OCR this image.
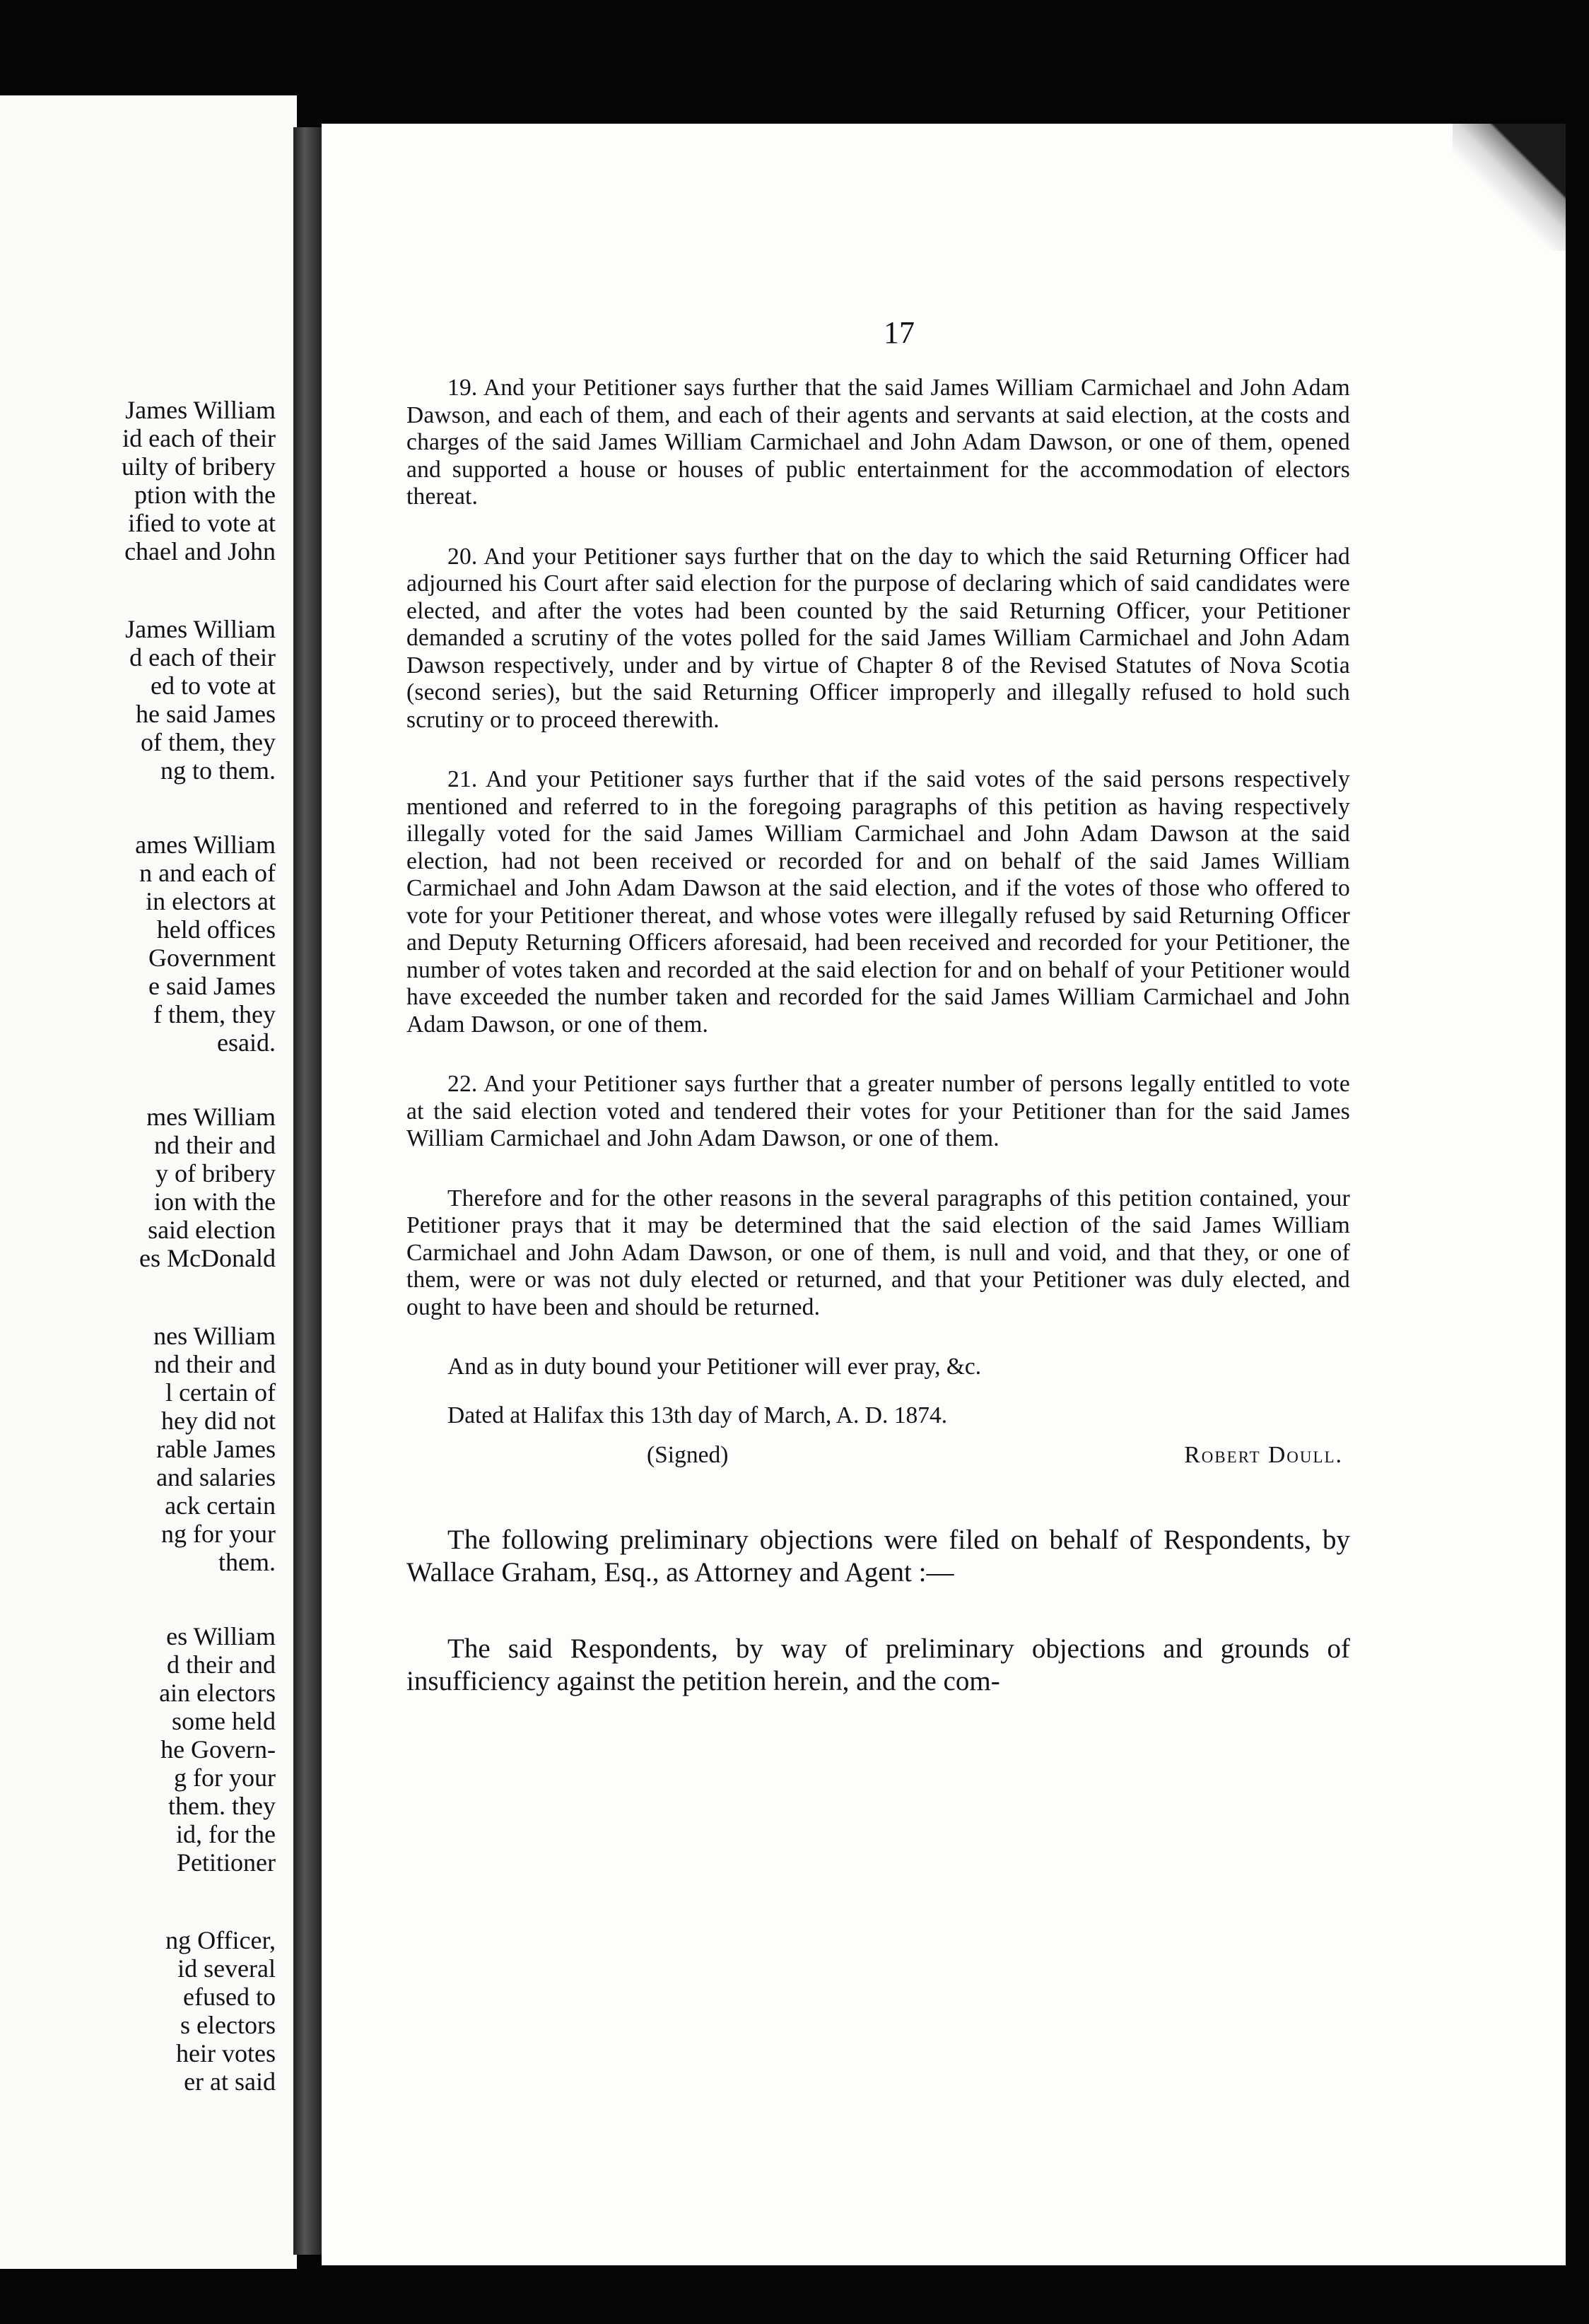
James William

id each of their

uilty of bribery

ption with the

ified to vote at

chael and John

James William

d each of their

ed to vote at

he said James

of them, they

ng to them.

ames William

n and each of

in electors at

held offices

Government

e said James

f them, they

esaid.

mes William

nd their and

y of bribery

ion with the

said election

es McDonald

nes William

nd their and

l certain of

hey did not

rable James

and salaries

ack certain

ng for your

them.

es William

d their and

ain electors

some held

he Govern-

g for your

them. they

id, for the

Petitioner

ng Officer,

id several

efused to

s electors

heir votes

er at said

17

19. And your Petitioner says further that the said James William Carmichael and John Adam Dawson, and each of them, and each of their agents and servants at said election, at the costs and charges of the said James William Carmichael and John Adam Dawson, or one of them, opened and supported a house or houses of public entertainment for the accommodation of electors thereat.

20. And your Petitioner says further that on the day to which the said Returning Officer had adjourned his Court after said election for the purpose of declaring which of said candidates were elected, and after the votes had been counted by the said Returning Officer, your Petitioner demanded a scrutiny of the votes polled for the said James William Carmichael and John Adam Dawson respectively, under and by virtue of Chapter 8 of the Revised Statutes of Nova Scotia (second series), but the said Returning Officer improperly and illegally refused to hold such scrutiny or to proceed therewith.

21. And your Petitioner says further that if the said votes of the said persons respectively mentioned and referred to in the foregoing paragraphs of this petition as having respectively illegally voted for the said James William Carmichael and John Adam Dawson at the said election, had not been received or recorded for and on behalf of the said James William Carmichael and John Adam Dawson at the said election, and if the votes of those who offered to vote for your Petitioner thereat, and whose votes were illegally refused by said Returning Officer and Deputy Returning Officers aforesaid, had been received and recorded for your Petitioner, the number of votes taken and recorded at the said election for and on behalf of your Petitioner would have exceeded the number taken and recorded for the said James William Carmichael and John Adam Dawson, or one of them.

22. And your Petitioner says further that a greater number of persons legally entitled to vote at the said election voted and tendered their votes for your Petitioner than for the said James William Carmichael and John Adam Dawson, or one of them.

Therefore and for the other reasons in the several paragraphs of this petition contained, your Petitioner prays that it may be determined that the said election of the said James William Carmichael and John Adam Dawson, or one of them, is null and void, and that they, or one of them, were or was not duly elected or returned, and that your Petitioner was duly elected, and ought to have been and should be returned.

And as in duty bound your Petitioner will ever pray, &c.

Dated at Halifax this 13th day of March, A. D. 1874.

(Signed)	Robert Doull.

The following preliminary objections were filed on behalf of Respondents, by Wallace Graham, Esq., as Attorney and Agent :—

The said Respondents, by way of preliminary objections and grounds of insufficiency against the petition herein, and the com-
